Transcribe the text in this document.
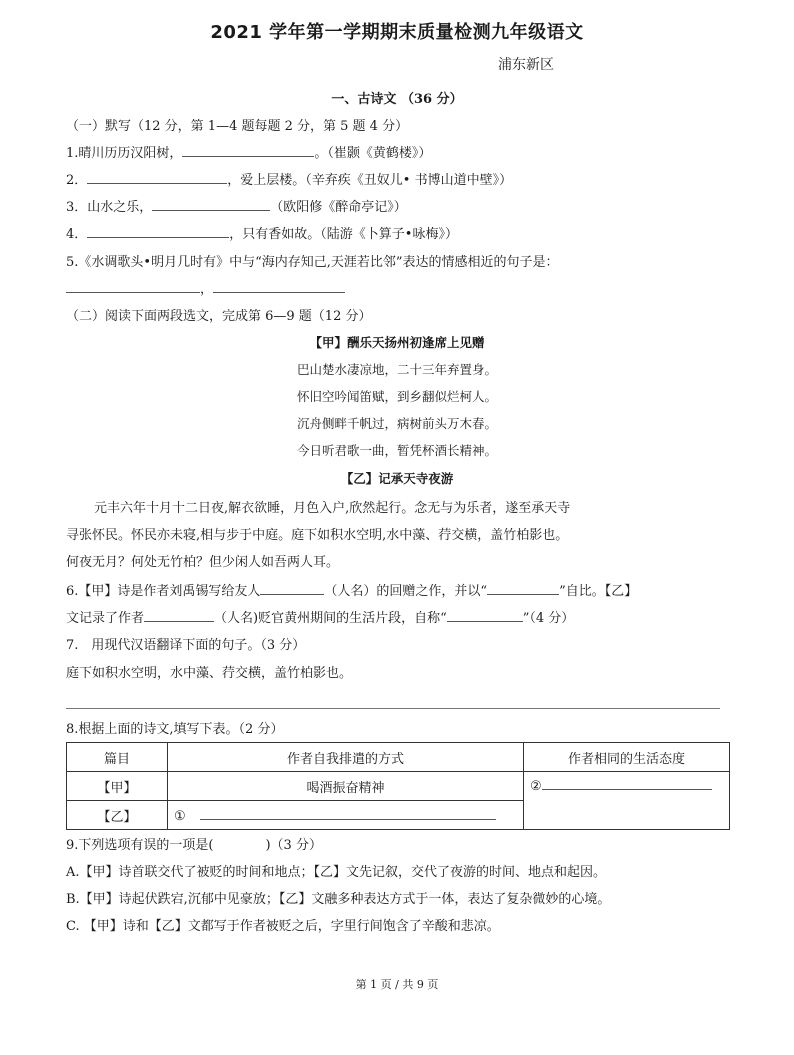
2021 学年第一学期期末质量检测九年级语文
浦东新区
一、古诗文 （36 分）
（一）默写（12 分，第 1—4 题每题 2 分，第 5 题 4 分）
1.晴川历历汉阳树，	。（崔颢《黄鹤楼》）
2．	，爱上层楼。（辛弃疾《丑奴儿• 书博山道中壁》）
3．山水之乐，	（欧阳修《醉命亭记》）
4．	，只有香如故。（陆游《卜算子•咏梅》）
5.《水调歌头•明月几时有》中与“海内存知己,天涯若比邻”表达的情感相近的句子是：
，
（二）阅读下面两段选文，完成第 6—9 题（12 分）
【甲】酬乐天扬州初逢席上见赠
巴山楚水凄凉地，二十三年弃置身。
怀旧空吟闻笛赋，到乡翻似烂柯人。
沉舟侧畔千帆过，病树前头万木春。
今日听君歌一曲，暂凭杯酒长精神。
【乙】记承天寺夜游
元丰六年十月十二日夜,解衣欲睡，月色入户,欣然起行。念无与为乐者，遂至承天寺
寻张怀民。怀民亦未寝,相与步于中庭。庭下如积水空明,水中藻、荇交横，盖竹柏影也。
何夜无月？何处无竹柏？但少闲人如吾两人耳。
6.【甲】诗是作者刘禹锡写给友人	（人名）的回赠之作，并以“	”自比。【乙】
文记录了作者	（人名)贬官黄州期间的生活片段，自称“	”（4 分）
7.　用现代汉语翻译下面的句子。（3 分）
庭下如积水空明，水中藻、荇交横，盖竹柏影也。
8.根据上面的诗文,填写下表。（2 分）
篇目	作者自我排遣的方式	作者相同的生活态度
【甲】	喝酒振奋精神	②
【乙】	①	
9.下列选项有误的一项是(　　　　)（3 分）
A.【甲】诗首联交代了被贬的时间和地点；【乙】文先记叙，交代了夜游的时间、地点和起因。
B.【甲】诗起伏跌宕,沉郁中见豪放；【乙】文融多种表达方式于一体，表达了复杂微妙的心境。
C. 【甲】诗和【乙】文都写于作者被贬之后，字里行间饱含了辛酸和悲凉。
第 1 页 / 共 9 页
